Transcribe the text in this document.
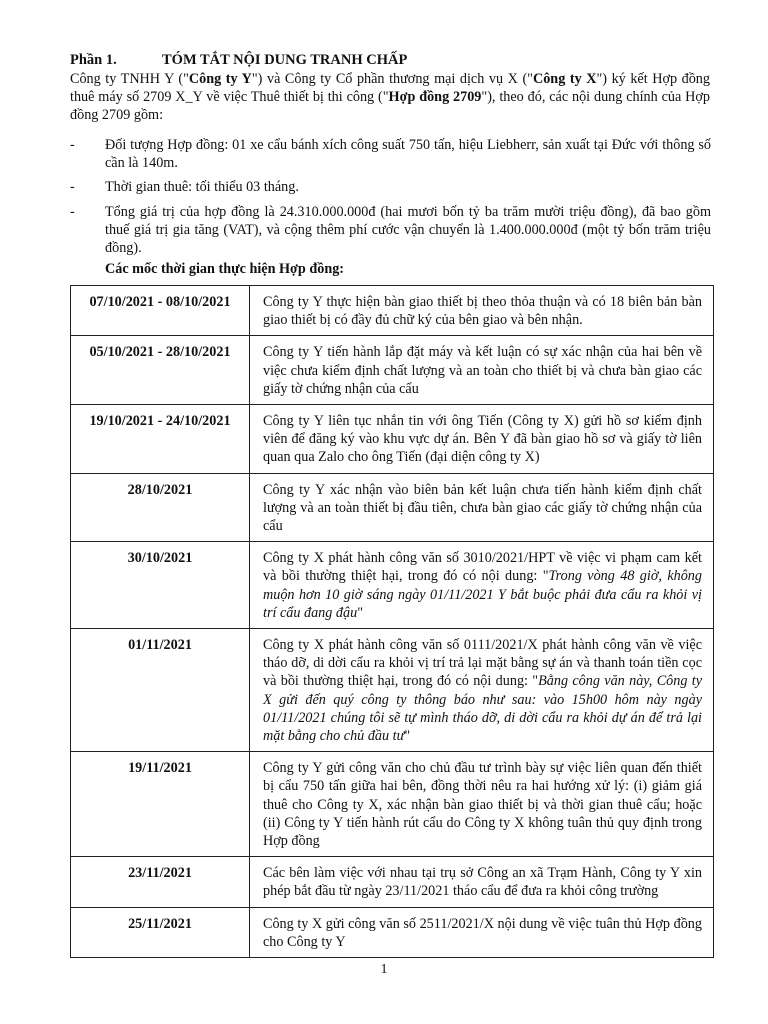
Phần 1.	TÓM TẮT NỘI DUNG TRANH CHẤP
Công ty TNHH Y ("Công ty Y") và Công ty Cổ phần thương mại dịch vụ X ("Công ty X") ký kết Hợp đồng thuê máy số 2709 X_Y về việc Thuê thiết bị thi công ("Hợp đồng 2709"), theo đó, các nội dung chính của Hợp đồng 2709 gồm:
- Đối tượng Hợp đồng: 01 xe cẩu bánh xích công suất 750 tấn, hiệu Liebherr, sản xuất tại Đức với thông số cần là 140m.
- Thời gian thuê: tối thiểu 03 tháng.
- Tổng giá trị của hợp đồng là 24.310.000.000đ (hai mươi bốn tỷ ba trăm mười triệu đồng), đã bao gồm thuế giá trị gia tăng (VAT), và cộng thêm phí cước vận chuyển là 1.400.000.000đ (một tỷ bốn trăm triệu đồng).
Các mốc thời gian thực hiện Hợp đồng:
07/10/2021 - 08/10/2021	Công ty Y thực hiện bàn giao thiết bị theo thỏa thuận và có 18 biên bản bàn giao thiết bị có đầy đủ chữ ký của bên giao và bên nhận.
05/10/2021 - 28/10/2021	Công ty Y tiến hành lắp đặt máy và kết luận có sự xác nhận của hai bên về việc chưa kiểm định chất lượng và an toàn cho thiết bị và chưa bàn giao các giấy tờ chứng nhận của cẩu
19/10/2021 - 24/10/2021	Công ty Y liên tục nhắn tin với ông Tiến (Công ty X) gửi hồ sơ kiểm định viên để đăng ký vào khu vực dự án. Bên Y đã bàn giao hồ sơ và giấy tờ liên quan qua Zalo cho ông Tiến (đại diện công ty X)
28/10/2021	Công ty Y xác nhận vào biên bản kết luận chưa tiến hành kiểm định chất lượng và an toàn thiết bị đầu tiên, chưa bàn giao các giấy tờ chứng nhận của cẩu
30/10/2021	Công ty X phát hành công văn số 3010/2021/HPT về việc vi phạm cam kết và bồi thường thiệt hại, trong đó có nội dung: "Trong vòng 48 giờ, không muộn hơn 10 giờ sáng ngày 01/11/2021 Y bắt buộc phải đưa cẩu ra khỏi vị trí cẩu đang đậu"
01/11/2021	Công ty X phát hành công văn số 0111/2021/X phát hành công văn về việc tháo dỡ, di dời cẩu ra khỏi vị trí trả lại mặt bằng sự án và thanh toán tiền cọc và bồi thường thiệt hại, trong đó có nội dung: "Bằng công văn này, Công ty X gửi đến quý công ty thông báo như sau: vào 15h00 hôm này ngày 01/11/2021 chúng tôi sẽ tự mình tháo dỡ, di dời cẩu ra khỏi dự án để trả lại mặt bằng cho chủ đầu tư"
19/11/2021	Công ty Y gửi công văn cho chủ đầu tư trình bày sự việc liên quan đến thiết bị cẩu 750 tấn giữa hai bên, đồng thời nêu ra hai hướng xử lý: (i) giảm giá thuê cho Công ty X, xác nhận bàn giao thiết bị và thời gian thuê cẩu; hoặc (ii) Công ty Y tiến hành rút cẩu do Công ty X không tuân thủ quy định trong Hợp đồng
23/11/2021	Các bên làm việc với nhau tại trụ sở Công an xã Trạm Hành, Công ty Y xin phép bắt đầu từ ngày 23/11/2021 tháo cẩu để đưa ra khỏi công trường
25/11/2021	Công ty X gửi công văn số 2511/2021/X nội dung về việc tuân thủ Hợp đồng cho Công ty Y
1
